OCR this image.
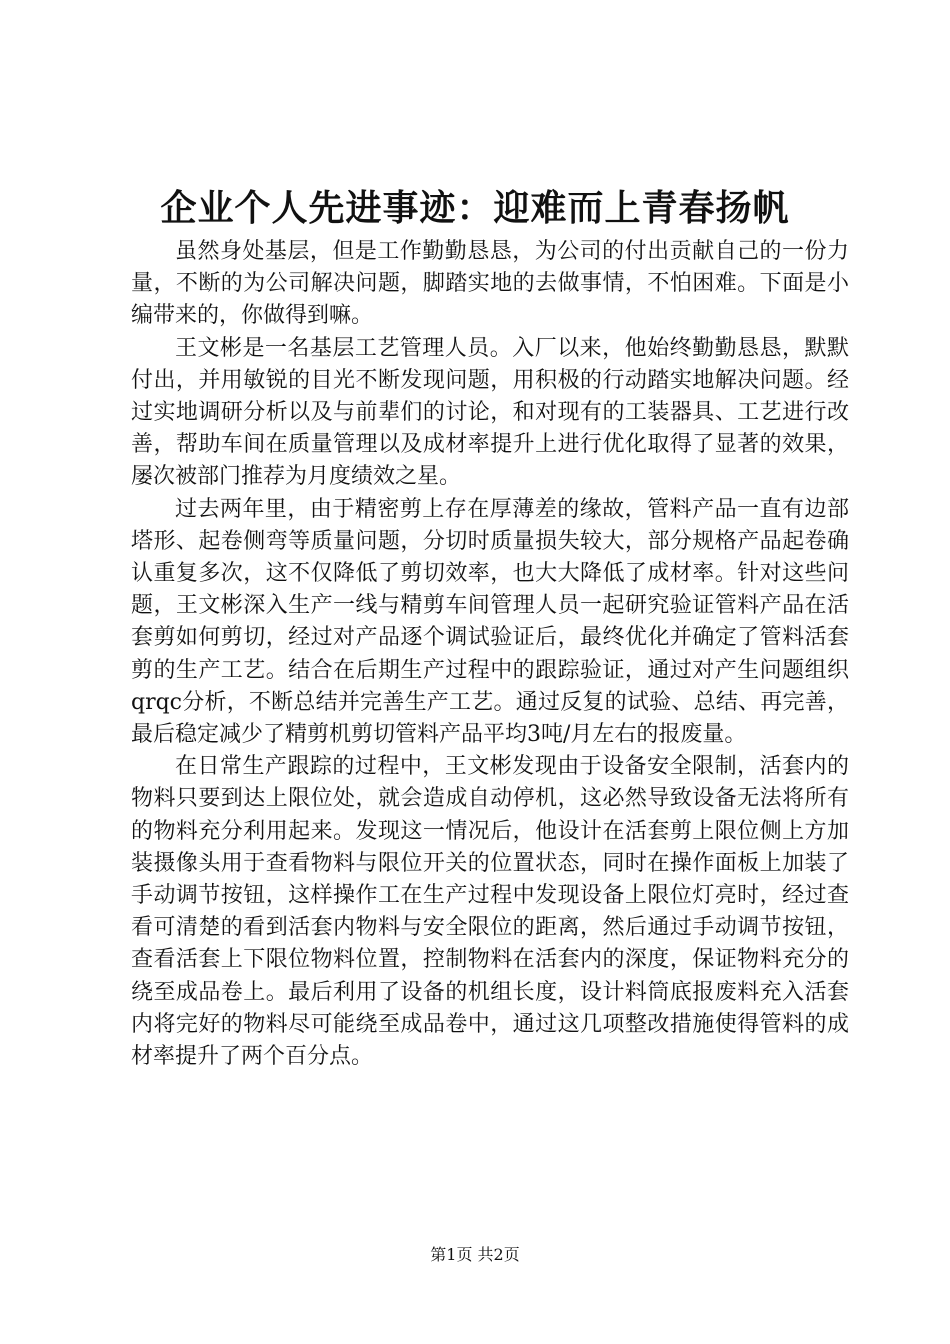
企业个人先进事迹：迎难而上青春扬帆

虽然身处基层，但是工作勤勤恳恳，为公司的付出贡献自己的一份力量，不断的为公司解决问题，脚踏实地的去做事情，不怕困难。下面是小编带来的，你做得到嘛。

王文彬是一名基层工艺管理人员。入厂以来，他始终勤勤恳恳，默默付出，并用敏锐的目光不断发现问题，用积极的行动踏实地解决问题。经过实地调研分析以及与前辈们的讨论，和对现有的工装器具、工艺进行改善，帮助车间在质量管理以及成材率提升上进行优化取得了显著的效果，屡次被部门推荐为月度绩效之星。

过去两年里，由于精密剪上存在厚薄差的缘故，管料产品一直有边部塔形、起卷侧弯等质量问题，分切时质量损失较大，部分规格产品起卷确认重复多次，这不仅降低了剪切效率，也大大降低了成材率。针对这些问题，王文彬深入生产一线与精剪车间管理人员一起研究验证管料产品在活套剪如何剪切，经过对产品逐个调试验证后，最终优化并确定了管料活套剪的生产工艺。结合在后期生产过程中的跟踪验证，通过对产生问题组织qrqc分析，不断总结并完善生产工艺。通过反复的试验、总结、再完善，最后稳定减少了精剪机剪切管料产品平均3吨/月左右的报废量。

在日常生产跟踪的过程中，王文彬发现由于设备安全限制，活套内的物料只要到达上限位处，就会造成自动停机，这必然导致设备无法将所有的物料充分利用起来。发现这一情况后，他设计在活套剪上限位侧上方加装摄像头用于查看物料与限位开关的位置状态，同时在操作面板上加装了手动调节按钮，这样操作工在生产过程中发现设备上限位灯亮时，经过查看可清楚的看到活套内物料与安全限位的距离，然后通过手动调节按钮，查看活套上下限位物料位置，控制物料在活套内的深度，保证物料充分的绕至成品卷上。最后利用了设备的机组长度，设计料筒底报废料充入活套内将完好的物料尽可能绕至成品卷中，通过这几项整改措施使得管料的成材率提升了两个百分点。

第1页 共2页
